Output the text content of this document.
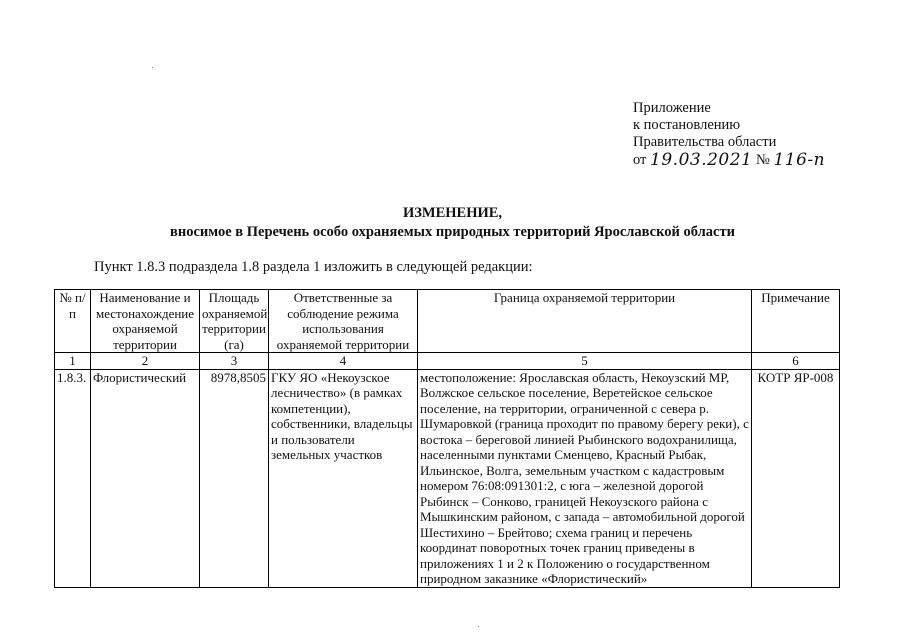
Приложение
к постановлению
Правительства области
от 19.03.2021 № 116-п
ИЗМЕНЕНИЕ,
вносимое в Перечень особо охраняемых природных территорий Ярославской области
Пункт 1.8.3 подраздела 1.8 раздела 1 изложить в следующей редакции:
№ п/п	Наименование и местонахождение охраняемой территории	Площадь охраняемой территории (га)	Ответственные за соблюдение режима использования охраняемой территории	Граница охраняемой территории	Примечание
1	2	3	4	5	6
1.8.3.	Флористический	8978,8505	ГКУ ЯО «Некоузское лесничество» (в рамках компетенции), собственники, владельцы и пользователи земельных участков	местоположение: Ярославская область, Некоузский МР, Волжское сельское поселение, Веретейское сельское поселение, на территории, ограниченной с севера р. Шумаровкой (граница проходит по правому берегу реки), с востока – береговой линией Рыбинского водохранилища, населенными пунктами Сменцево, Красный Рыбак, Ильинское, Волга, земельным участком с кадастровым номером 76:08:091301:2, с юга – железной дорогой Рыбинск – Сонково, границей Некоузского района с Мышкинским районом, с запада – автомобильной дорогой Шестихино – Брейтово; схема границ и перечень координат поворотных точек границ приведены в приложениях 1 и 2 к Положению о государственном природном заказнике «Флористический»	КОТР ЯР-008
